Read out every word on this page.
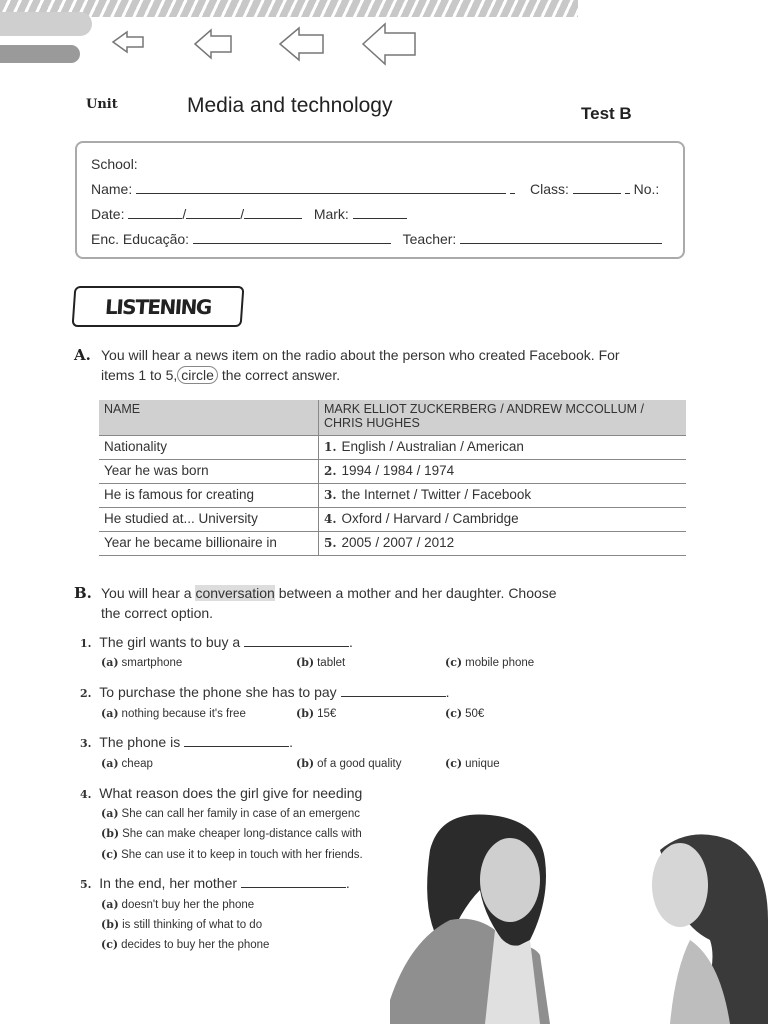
Unit	Media and technology	Test B
School:
Name:	Class:	No.:
Date:	/	/	Mark:
Enc. Educação:	Teacher:
LISTENING
A. You will hear a news item on the radio about the person who created Facebook. For
items 1 to 5, circle the correct answer.
NAME	MARK ELLIOT ZUCKERBERG / ANDREW MCCOLLUM / CHRIS HUGHES
Nationality	1. English / Australian / American
Year he was born	2. 1994 / 1984 / 1974
He is famous for creating	3. the Internet / Twitter / Facebook
He studied at... University	4. Oxford / Harvard / Cambridge
Year he became billionaire in	5. 2005 / 2007 / 2012
B. You will hear a conversation between a mother and her daughter. Choose
the correct option.
1. The girl wants to buy a	.
(a) smartphone	(b) tablet	(c) mobile phone
2. To purchase the phone she has to pay	.
(a) nothing because it's free	(b) 15€	(c) 50€
3. The phone is	.
(a) cheap	(b) of a good quality	(c) unique
4. What reason does the girl give for needing
(a) She can call her family in case of an emergenc
(b) She can make cheaper long-distance calls with
(c) She can use it to keep in touch with her friends.
5. In the end, her mother	.
(a) doesn't buy her the phone
(b) is still thinking of what to do
(c) decides to buy her the phone
